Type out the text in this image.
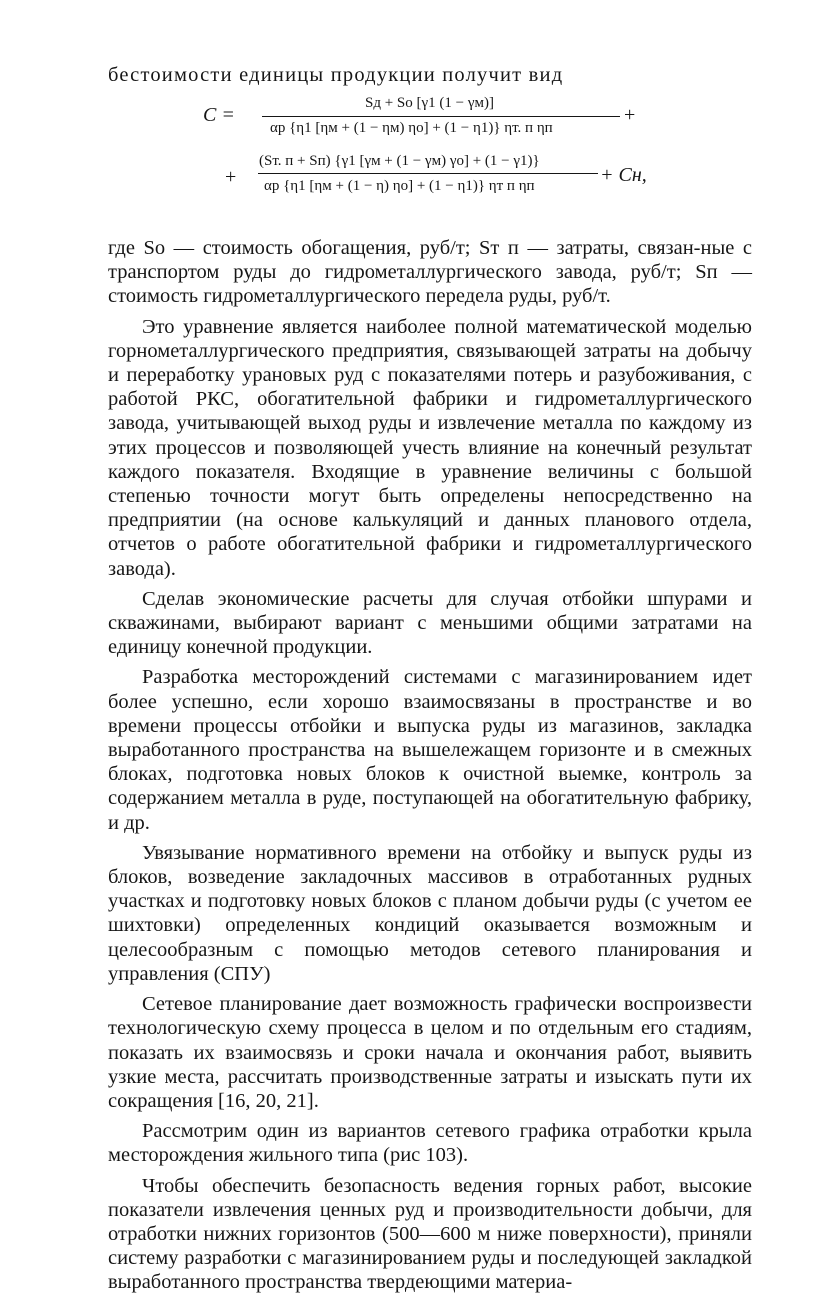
бестоимости единицы продукции получит вид
C =
Sд + Sо [γ1 (1 − γм)]
αр {η1 [ηм + (1 − ηм) ηо] + (1 − η1)} ηт. п ηп
+
+
(Sт. п + Sп) {γ1 [γм + (1 − γм) γо] + (1 − γ1)}
αр {η1 [ηм + (1 − η) ηо] + (1 − η1)} ηт п ηп	+ Cн,

где Sо — стоимость обогащения, руб/т; Sт п — затраты, связан-ные с транспортом руды до гидрометаллургического завода, руб/т; Sп — стоимость гидрометаллургического передела руды, руб/т.

Это уравнение является наиболее полной математической моделью горнометаллургического предприятия, связывающей затраты на добычу и переработку урановых руд с показателями потерь и разубоживания, с работой РКС, обогатительной фабрики и гидрометаллургического завода, учитывающей выход руды и извлечение металла по каждому из этих процессов и позволяющей учесть влияние на конечный результат каждого показателя. Входящие в уравнение величины с большой степенью точности могут быть определены непосредственно на предприятии (на основе калькуляций и данных планового отдела, отчетов о работе обогатительной фабрики и гидрометаллургического завода).

Сделав экономические расчеты для случая отбойки шпурами и скважинами, выбирают вариант с меньшими общими затратами на единицу конечной продукции.

Разработка месторождений системами с магазинированием идет более успешно, если хорошо взаимосвязаны в пространстве и во времени процессы отбойки и выпуска руды из магазинов, закладка выработанного пространства на вышележащем горизонте и в смежных блоках, подготовка новых блоков к очистной выемке, контроль за содержанием металла в руде, поступающей на обогатительную фабрику, и др.

Увязывание нормативного времени на отбойку и выпуск руды из блоков, возведение закладочных массивов в отработанных рудных участках и подготовку новых блоков с планом добычи руды (с учетом ее шихтовки) определенных кондиций оказывается возможным и целесообразным с помощью методов сетевого планирования и управления (СПУ)

Сетевое планирование дает возможность графически воспроизвести технологическую схему процесса в целом и по отдельным его стадиям, показать их взаимосвязь и сроки начала и окончания работ, выявить узкие места, рассчитать производственные затраты и изыскать пути их сокращения [16, 20, 21].

Рассмотрим один из вариантов сетевого графика отработки крыла месторождения жильного типа (рис 103).

Чтобы обеспечить безопасность ведения горных работ, высокие показатели извлечения ценных руд и производительности добычи, для отработки нижних горизонтов (500—600 м ниже поверхности), приняли систему разработки с магазинированием руды и последующей закладкой выработанного пространства твердеющими материа-
